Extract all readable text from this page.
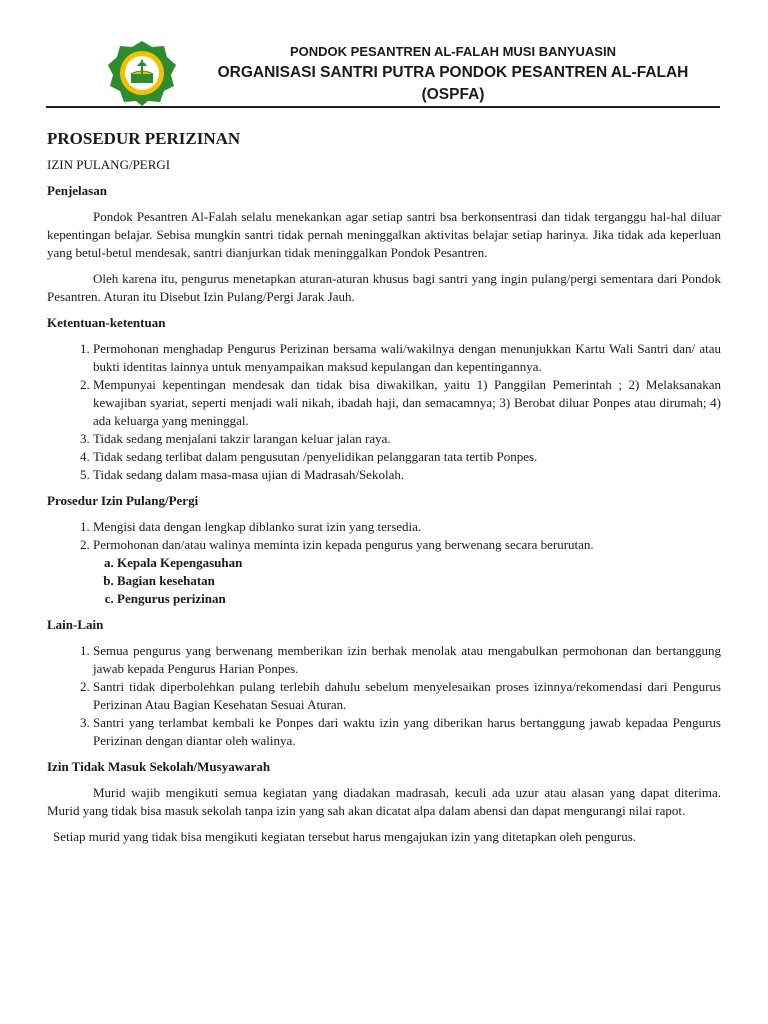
PONDOK PESANTREN AL-FALAH MUSI BANYUASIN
ORGANISASI SANTRI PUTRA PONDOK PESANTREN AL-FALAH
(OSPFA)
PROSEDUR PERIZINAN
IZIN PULANG/PERGI
Penjelasan

Pondok Pesantren Al-Falah selalu menekankan agar setiap santri bsa berkonsentrasi dan tidak terganggu hal-hal diluar kepentingan belajar. Sebisa mungkin santri tidak pernah meninggalkan aktivitas belajar setiap harinya. Jika tidak ada keperluan yang betul-betul mendesak, santri dianjurkan tidak meninggalkan Pondok Pesantren.

Oleh karena itu, pengurus menetapkan aturan-aturan khusus bagi santri yang ingin pulang/pergi sementara dari Pondok Pesantren. Aturan itu Disebut Izin Pulang/Pergi Jarak Jauh.

Ketentuan-ketentuan
1. Permohonan menghadap Pengurus Perizinan bersama wali/wakilnya dengan menunjukkan Kartu Wali Santri dan/ atau bukti identitas lainnya untuk menyampaikan maksud kepulangan dan kepentingannya.
2. Mempunyai kepentingan mendesak dan tidak bisa diwakilkan, yaitu 1) Panggilan Pemerintah ; 2) Melaksanakan kewajiban syariat, seperti menjadi wali nikah, ibadah haji, dan semacamnya; 3) Berobat diluar Ponpes atau dirumah; 4) ada keluarga yang meninggal.
3. Tidak sedang menjalani takzir larangan keluar jalan raya.
4. Tidak sedang terlibat dalam pengusutan /penyelidikan pelanggaran tata tertib Ponpes.
5. Tidak sedang dalam masa-masa ujian di Madrasah/Sekolah.
Prosedur Izin Pulang/Pergi
1. Mengisi data dengan lengkap diblanko surat izin yang tersedia.
2. Permohonan dan/atau walinya meminta izin kepada pengurus yang berwenang secara berurutan.
a. Kepala Kepengasuhan
b. Bagian kesehatan
c. Pengurus perizinan
Lain-Lain
1. Semua pengurus yang berwenang memberikan izin berhak menolak atau mengabulkan permohonan dan bertanggung jawab kepada Pengurus Harian Ponpes.
2. Santri tidak diperbolehkan pulang terlebih dahulu sebelum menyelesaikan proses izinnya/rekomendasi dari Pengurus Perizinan Atau Bagian Kesehatan Sesuai Aturan.
3. Santri yang terlambat kembali ke Ponpes dari waktu izin yang diberikan harus bertanggung jawab kepadaa Pengurus Perizinan dengan diantar oleh walinya.
Izin Tidak Masuk Sekolah/Musyawarah

Murid wajib mengikuti semua kegiatan yang diadakan madrasah, keculi ada uzur atau alasan yang dapat diterima. Murid yang tidak bisa masuk sekolah tanpa izin yang sah akan dicatat alpa dalam abensi dan dapat mengurangi nilai rapot.

Setiap murid yang tidak bisa mengikuti kegiatan tersebut harus mengajukan izin yang ditetapkan oleh pengurus.
